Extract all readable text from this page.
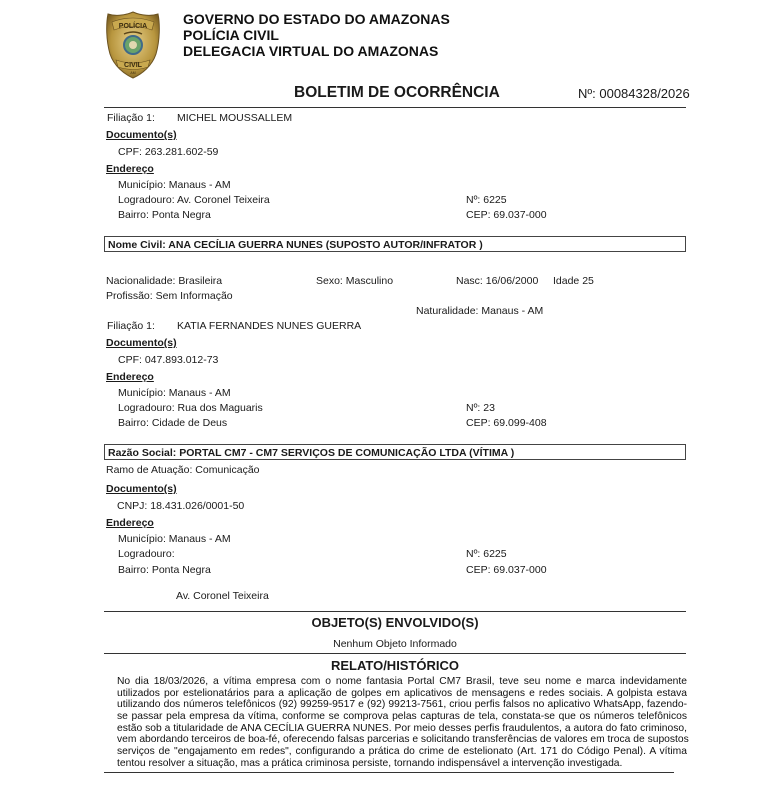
POLÍCIA
CIVIL
AM
GOVERNO DO ESTADO DO AMAZONAS
POLÍCIA CIVIL
DELEGACIA VIRTUAL DO AMAZONAS
BOLETIM DE OCORRÊNCIA	Nº: 00084328/2026
Filiação 1: MICHEL MOUSSALLEM
Documento(s)
CPF: 263.281.602-59
Endereço
Município: Manaus - AM
Logradouro: Av. Coronel Teixeira	Nº: 6225
Bairro: Ponta Negra	CEP: 69.037-000
Nome Civil: ANA CECÍLIA GUERRA NUNES (SUPOSTO AUTOR/INFRATOR )
Nacionalidade: Brasileira	Sexo: Masculino	Nasc: 16/06/2000 Idade 25
Profissão: Sem Informação
Naturalidade: Manaus - AM
Filiação 1: KATIA FERNANDES NUNES GUERRA
Documento(s)
CPF: 047.893.012-73
Endereço
Município: Manaus - AM
Logradouro: Rua dos Maguaris	Nº: 23
Bairro: Cidade de Deus	CEP: 69.099-408
Razão Social: PORTAL CM7 - CM7 SERVIÇOS DE COMUNICAÇÃO LTDA (VÍTIMA )
Ramo de Atuação: Comunicação
Documento(s)
CNPJ: 18.431.026/0001-50
Endereço
Município: Manaus - AM
Logradouro:	Nº: 6225
Bairro: Ponta Negra	CEP: 69.037-000
Av. Coronel Teixeira
OBJETO(S) ENVOLVIDO(S)
Nenhum Objeto Informado
RELATO/HISTÓRICO
No dia 18/03/2026, a vítima empresa com o nome fantasia Portal CM7 Brasil, teve seu nome e marca indevidamente
utilizados por estelionatários para a aplicação de golpes em aplicativos de mensagens e redes sociais. A golpista estava
utilizando dos números telefônicos (92) 99259-9517 e (92) 99213-7561, criou perfis falsos no aplicativo WhatsApp, fazendo-
se passar pela empresa da vítima, conforme se comprova pelas capturas de tela, constata-se que os números telefônicos
estão sob a titularidade de ANA CECÍLIA GUERRA NUNES. Por meio desses perfis fraudulentos, a autora do fato criminoso,
vem abordando terceiros de boa-fé, oferecendo falsas parcerias e solicitando transferências de valores em troca de supostos
serviços de "engajamento em redes", configurando a prática do crime de estelionato (Art. 171 do Código Penal). A vítima
tentou resolver a situação, mas a prática criminosa persiste, tornando indispensável a intervenção investigada.
